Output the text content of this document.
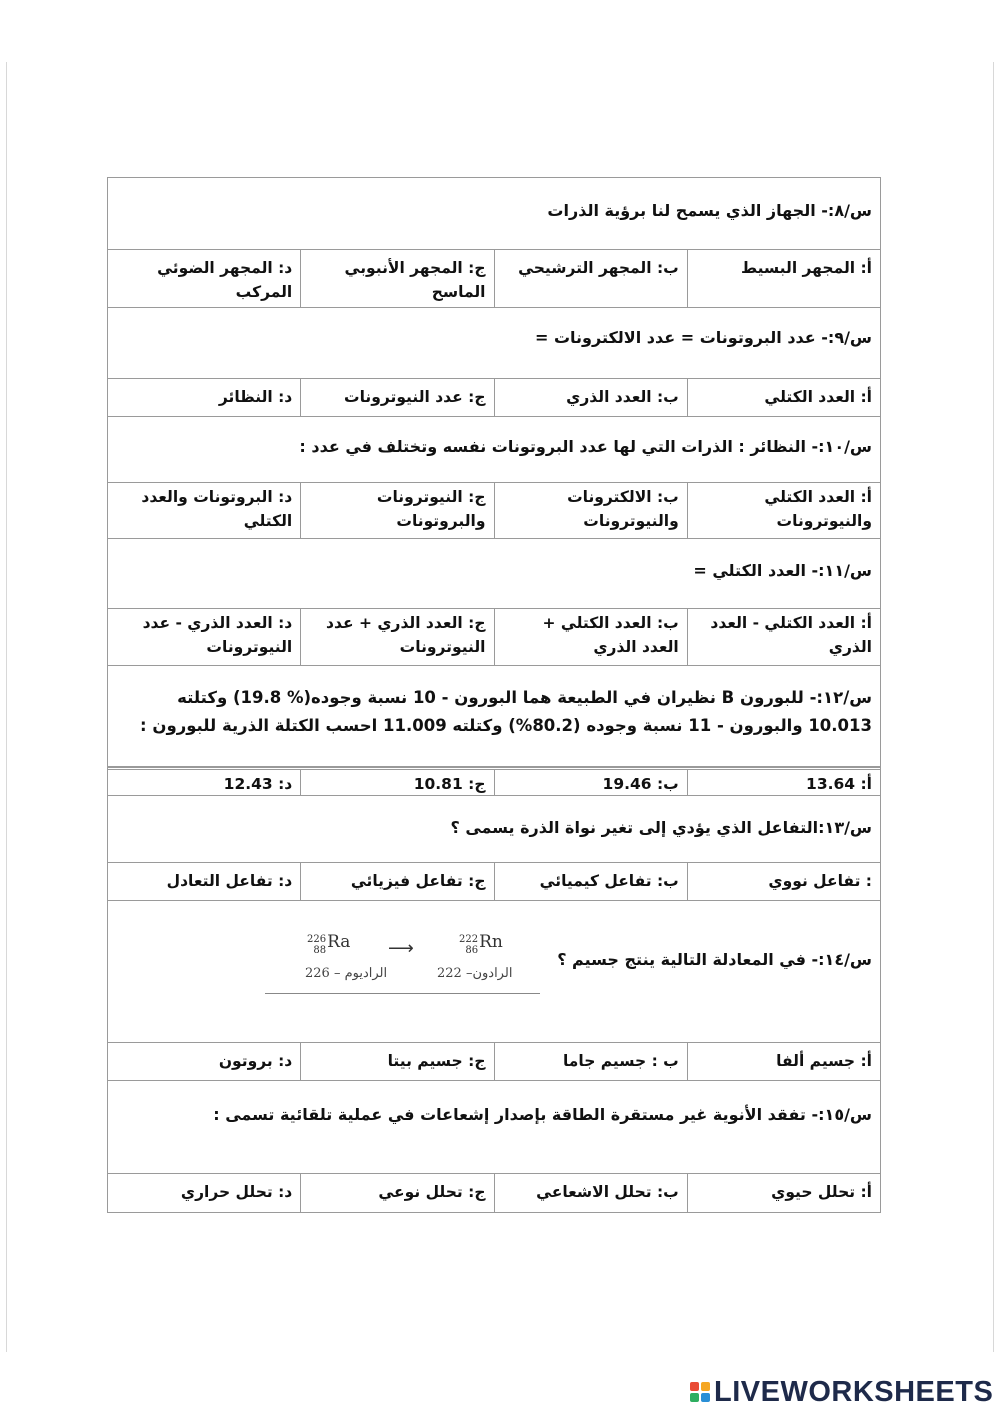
س/٨:- الجهاز الذي يسمح لنا برؤية الذرات
أ: المجهر البسيط
ب: المجهر الترشيحي
ج: المجهر الأنبوبي الماسح
د: المجهر الضوئي المركب
س/٩:- عدد البروتونات = عدد الالكترونات =
أ: العدد الكتلي
ب: العدد الذري
ج: عدد النيوترونات
د: النظائر
س/١٠:- النظائر : الذرات التي لها عدد البروتونات نفسه وتختلف في عدد :
أ: العدد الكتلي والنيوترونات
ب: الالكترونات والنيوترونات
ج: النيوترونات والبروتونات
د: البروتونات والعدد الكتلي
س/١١:- العدد الكتلي =
أ: العدد الكتلي - العدد الذري
ب: العدد الكتلي + العدد الذري
ج: العدد الذري + عدد النيوترونات
د: العدد الذري - عدد النيوترونات
س/١٢:- للبورون B نظيران في الطبيعة هما البورون - 10 نسبة وجوده(% 19.8) وكتلته 10.013 والبورون - 11 نسبة وجوده (80.2%) وكتلته 11.009 احسب الكتلة الذرية للبورون :
أ: 13.64
ب: 19.46
ج: 10.81
د: 12.43
س/١٣:التفاعل الذي يؤدي إلى تغير نواة الذرة يسمى ؟
: تفاعل نووي
ب: تفاعل كيميائي
ج: تفاعل فيزيائي
د: تفاعل التعادل
س/١٤:- في المعادلة التالية ينتج جسيم ؟
أ: جسيم ألفا
ب : جسيم جاما
ج: جسيم بيتا
د: بروتون
س/١٥:- تفقد الأنوية غير مستقرة الطاقة بإصدار إشعاعات في عملية تلقائية تسمى :
أ: تحلل حيوي
ب: تحلل الاشعاعي
ج: تحلل نوعي
د: تحلل حراري
226
88Ra ⟶	222
86Rn
الراديوم – 226	الرادون– 222
LIVEWORKSHEETS
